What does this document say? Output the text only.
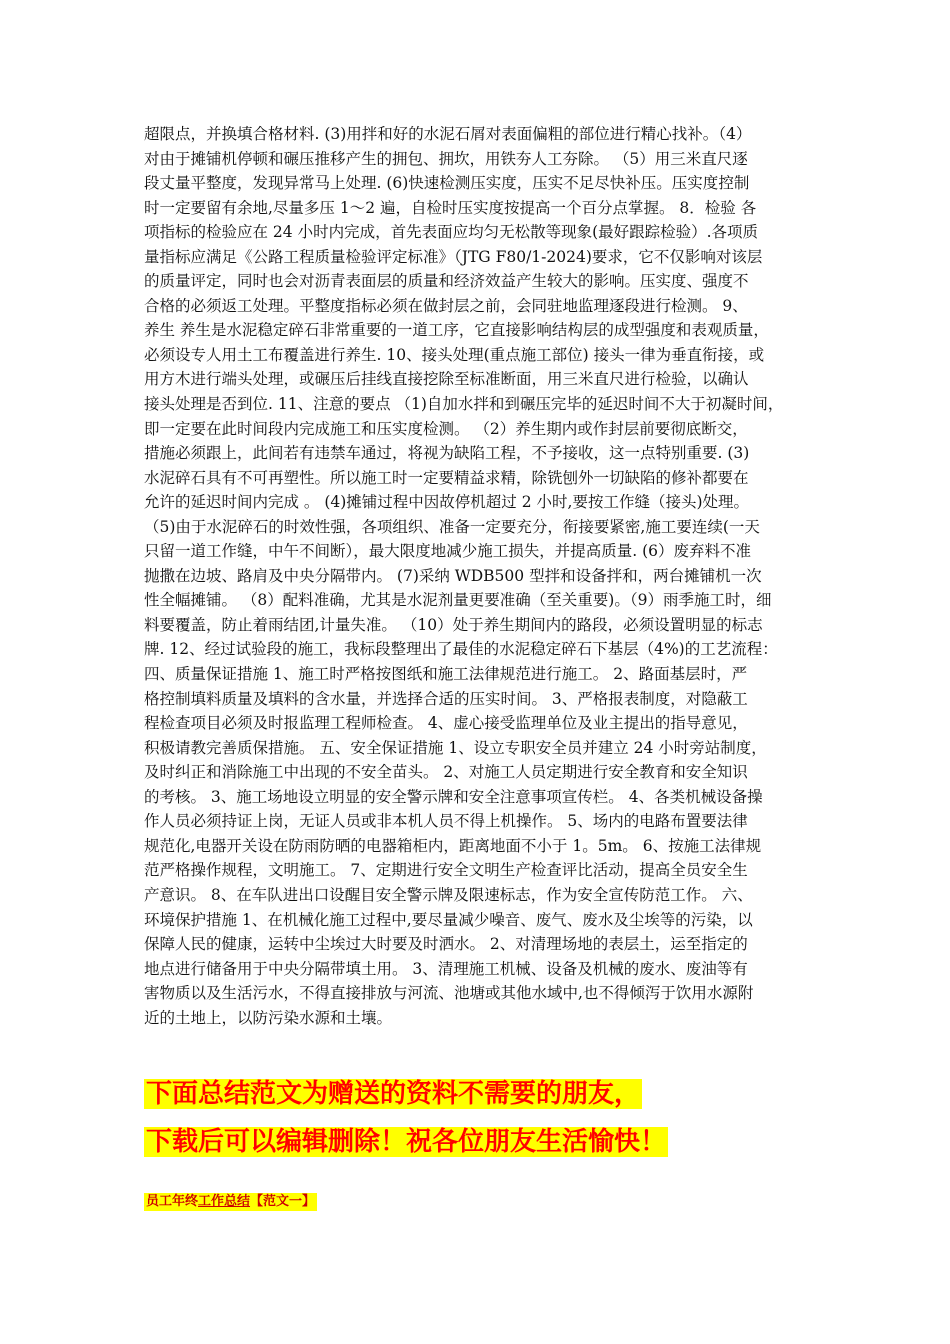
超限点，并换填合格材料. (3)用拌和好的水泥石屑对表面偏粗的部位进行精心找补。（4）
对由于摊铺机停顿和碾压推移产生的拥包、拥坎，用铁夯人工夯除。 （5）用三米直尺逐
段丈量平整度，发现异常马上处理. (6)快速检测压实度，压实不足尽快补压。压实度控制
时一定要留有余地,尽量多压 1～2 遍，自检时压实度按提高一个百分点掌握。 8．检验 各
项指标的检验应在 24 小时内完成，首先表面应均匀无松散等现象(最好跟踪检验）.各项质
量指标应满足《公路工程质量检验评定标准》（JTG F80/1-2024)要求，它不仅影响对该层
的质量评定，同时也会对沥青表面层的质量和经济效益产生较大的影响。压实度、强度不
合格的必须返工处理。平整度指标必须在做封层之前，会同驻地监理逐段进行检测。 9、
养生 养生是水泥稳定碎石非常重要的一道工序，它直接影响结构层的成型强度和表观质量，
必须设专人用土工布覆盖进行养生. 10、接头处理(重点施工部位) 接头一律为垂直衔接，或
用方木进行端头处理，或碾压后挂线直接挖除至标准断面，用三米直尺进行检验，以确认
接头处理是否到位. 11、注意的要点 （1)自加水拌和到碾压完毕的延迟时间不大于初凝时间，
即一定要在此时间段内完成施工和压实度检测。 （2）养生期内或作封层前要彻底断交，
措施必须跟上，此间若有违禁车通过，将视为缺陷工程，不予接收，这一点特别重要. (3)
水泥碎石具有不可再塑性。所以施工时一定要精益求精，除铣刨外一切缺陷的修补都要在
允许的延迟时间内完成 。 (4)摊铺过程中因故停机超过 2 小时,要按工作缝（接头)处理。
（5)由于水泥碎石的时效性强，各项组织、准备一定要充分，衔接要紧密,施工要连续(一天
只留一道工作缝，中午不间断），最大限度地减少施工损失，并提高质量. (6）废弃料不准
抛撒在边坡、路肩及中央分隔带内。 (7)采纳 WDB500 型拌和设备拌和，两台摊铺机一次
性全幅摊铺。 （8）配料准确，尤其是水泥剂量更要准确（至关重要)。（9）雨季施工时，细
料要覆盖，防止着雨结团,计量失准。 （10）处于养生期间内的路段，必须设置明显的标志
牌. 12、经过试验段的施工，我标段整理出了最佳的水泥稳定碎石下基层（4%)的工艺流程：
四、质量保证措施 1、施工时严格按图纸和施工法律规范进行施工。 2、路面基层时，严
格控制填料质量及填料的含水量，并选择合适的压实时间。 3、严格报表制度，对隐蔽工
程检查项目必须及时报监理工程师检查。 4、虚心接受监理单位及业主提出的指导意见，
积极请教完善质保措施。 五、安全保证措施 1、设立专职安全员并建立 24 小时旁站制度，
及时纠正和消除施工中出现的不安全苗头。 2、对施工人员定期进行安全教育和安全知识
的考核。 3、施工场地设立明显的安全警示牌和安全注意事项宣传栏。 4、各类机械设备操
作人员必须持证上岗，无证人员或非本机人员不得上机操作。 5、场内的电路布置要法律
规范化,电器开关设在防雨防晒的电器箱柜内，距离地面不小于 1。5m。 6、按施工法律规
范严格操作规程，文明施工。 7、定期进行安全文明生产检查评比活动，提高全员安全生
产意识。 8、在车队进出口设醒目安全警示牌及限速标志，作为安全宣传防范工作。 六、
环境保护措施 1、在机械化施工过程中,要尽量减少噪音、废气、废水及尘埃等的污染，以
保障人民的健康，运转中尘埃过大时要及时洒水。 2、对清理场地的表层土，运至指定的
地点进行储备用于中央分隔带填土用。 3、清理施工机械、设备及机械的废水、废油等有
害物质以及生活污水，不得直接排放与河流、池塘或其他水域中,也不得倾泻于饮用水源附
近的土地上，以防污染水源和土壤。
下面总结范文为赠送的资料不需要的朋友，
下载后可以编辑删除！祝各位朋友生活愉快！
员工年终工作总结【范文一】
